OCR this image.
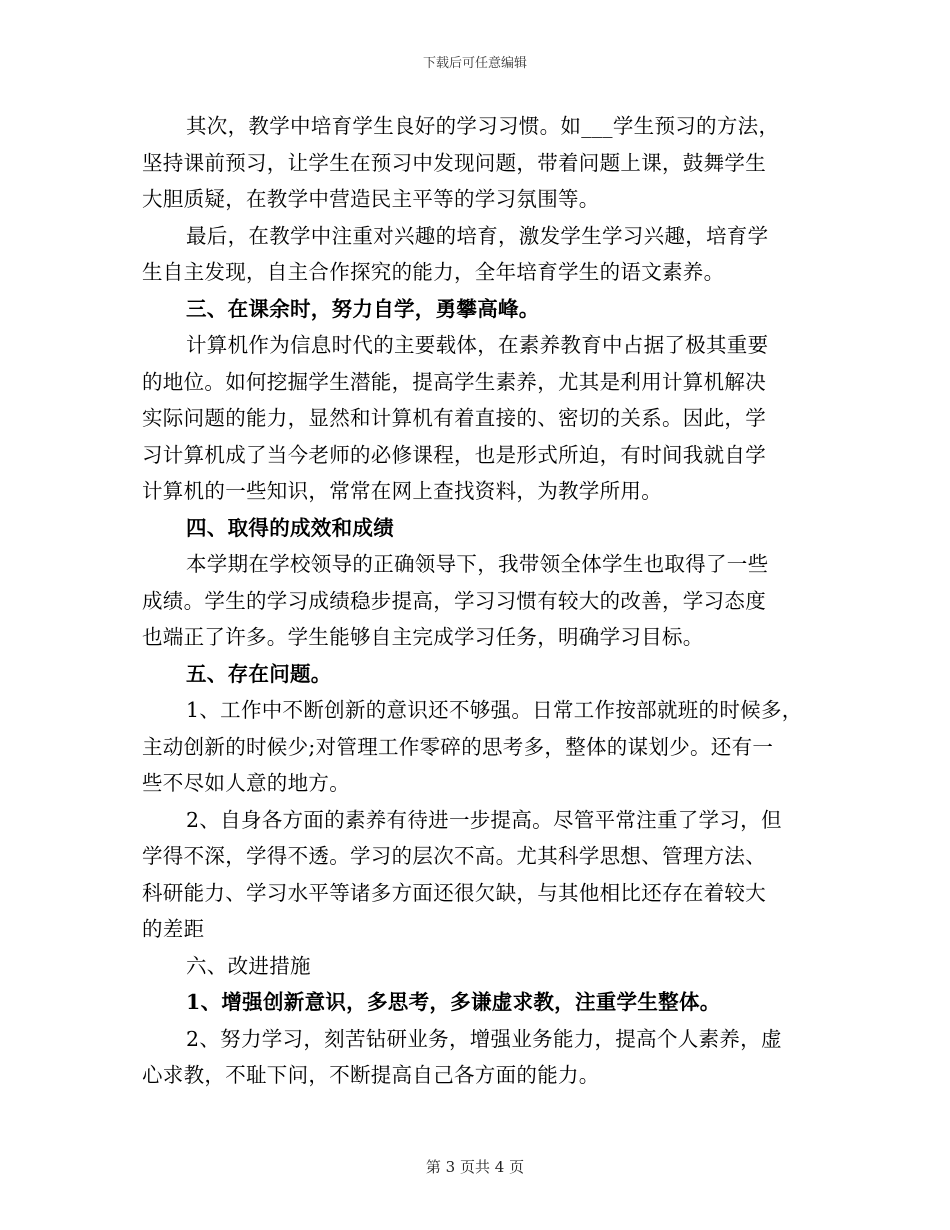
下载后可任意编辑
其次，教学中培育学生良好的学习习惯。如___学生预习的方法，
坚持课前预习，让学生在预习中发现问题，带着问题上课，鼓舞学生
大胆质疑，在教学中营造民主平等的学习氛围等。
最后，在教学中注重对兴趣的培育，激发学生学习兴趣，培育学
生自主发现，自主合作探究的能力，全年培育学生的语文素养。
三、在课余时，努力自学，勇攀高峰。
计算机作为信息时代的主要载体，在素养教育中占据了极其重要
的地位。如何挖掘学生潜能，提高学生素养，尤其是利用计算机解决
实际问题的能力，显然和计算机有着直接的、密切的关系。因此，学
习计算机成了当今老师的必修课程，也是形式所迫，有时间我就自学
计算机的一些知识，常常在网上查找资料，为教学所用。
四、取得的成效和成绩
本学期在学校领导的正确领导下，我带领全体学生也取得了一些
成绩。学生的学习成绩稳步提高，学习习惯有较大的改善，学习态度
也端正了许多。学生能够自主完成学习任务，明确学习目标。
五、存在问题。
1、工作中不断创新的意识还不够强。日常工作按部就班的时候多，
主动创新的时候少;对管理工作零碎的思考多，整体的谋划少。还有一
些不尽如人意的地方。
2、自身各方面的素养有待进一步提高。尽管平常注重了学习，但
学得不深，学得不透。学习的层次不高。尤其科学思想、管理方法、
科研能力、学习水平等诸多方面还很欠缺，与其他相比还存在着较大
的差距
六、改进措施
1、增强创新意识，多思考，多谦虚求教，注重学生整体。
2、努力学习，刻苦钻研业务，增强业务能力，提高个人素养，虚
心求教，不耻下问，不断提高自己各方面的能力。
第 3 页共 4 页
